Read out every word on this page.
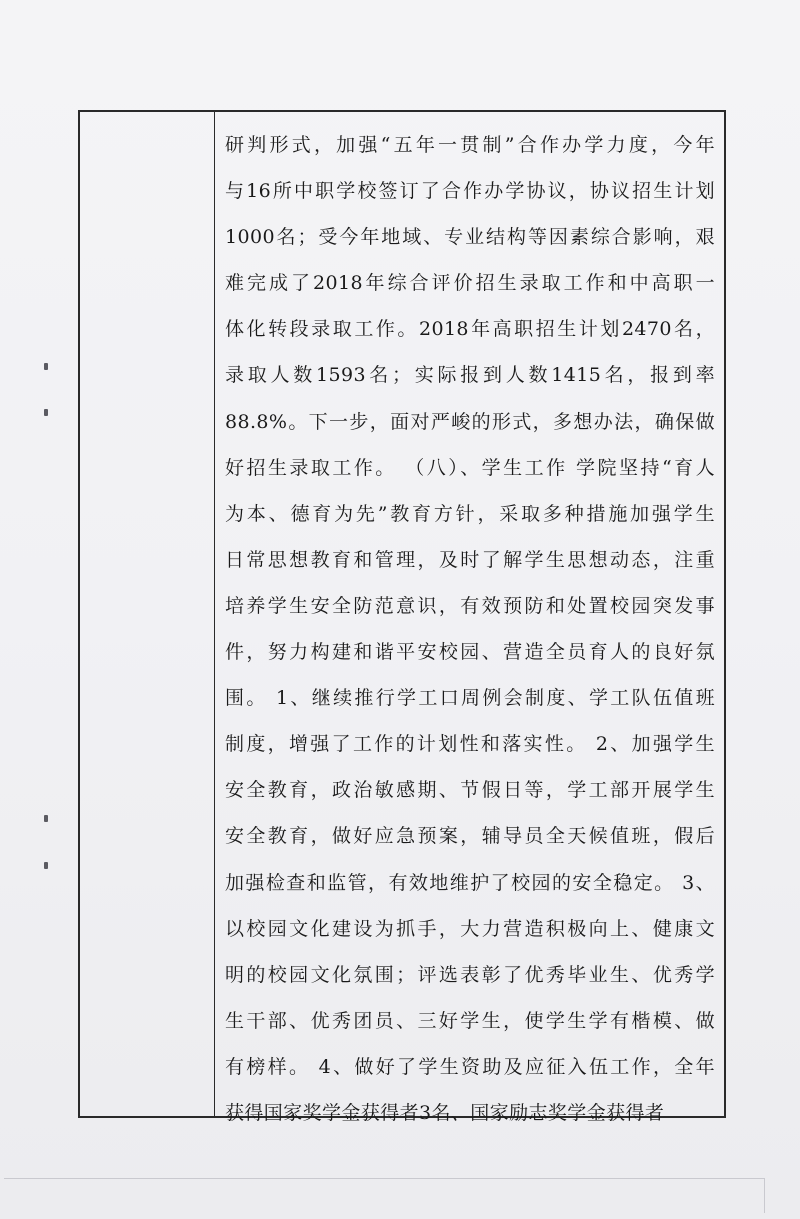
研判形式，加强“五年一贯制”合作办学力度，今年
与16所中职学校签订了合作办学协议，协议招生计划
1000名；受今年地域、专业结构等因素综合影响，艰
难完成了2018年综合评价招生录取工作和中高职一
体化转段录取工作。2018年高职招生计划2470名，
录取人数1593名；实际报到人数1415名，报到率
88.8%。下一步，面对严峻的形式，多想办法，确保做
好招生录取工作。 （八）、学生工作 学院坚持“育人
为本、德育为先”教育方针，采取多种措施加强学生
日常思想教育和管理，及时了解学生思想动态，注重
培养学生安全防范意识，有效预防和处置校园突发事
件，努力构建和谐平安校园、营造全员育人的良好氛
围。 1、继续推行学工口周例会制度、学工队伍值班
制度，增强了工作的计划性和落实性。 2、加强学生
安全教育，政治敏感期、节假日等，学工部开展学生
安全教育，做好应急预案，辅导员全天候值班，假后
加强检查和监管，有效地维护了校园的安全稳定。 3、
以校园文化建设为抓手，大力营造积极向上、健康文
明的校园文化氛围；评选表彰了优秀毕业生、优秀学
生干部、优秀团员、三好学生，使学生学有楷模、做
有榜样。 4、做好了学生资助及应征入伍工作，全年
获得国家奖学金获得者3名、国家励志奖学金获得者
